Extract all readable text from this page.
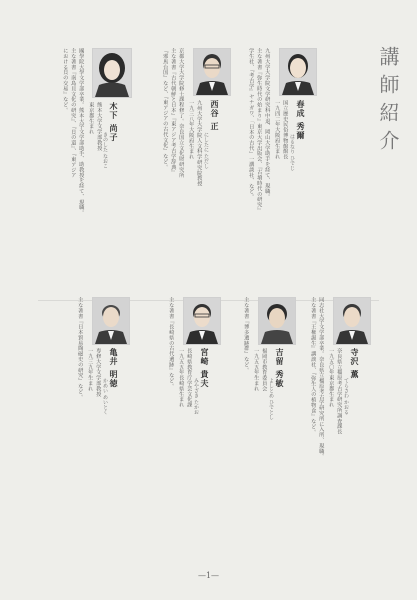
講師紹介
春成 秀爾
はるなり ひでじ
国立歴史民俗博物館館長
一九四二年大阪府生まれ
九州大学大学院文学研究科中退、岡山大学助手を経て、現職。
主な著書『弥生時代の始まり』東京大学出版会、『古墳時代の研究』
学生社、『考古学』ヤナガワ、「日本の古代」一講談社、など。
西谷 正
にしたに ただし
九州大学大学院人文科学研究院教授
一九三八年大阪府生まれ
京都大学大学院修士課程修了。奈良国立文化財研究所
主な著書『古代朝鮮と日本』『東アジア考古学辞典』
『邪馬台国』など、『東アジアの古代文化』など。
木下 尚子
きのした なおこ
熊本大学文学部教授
東京都生まれ
國學院大學文学部卒業。熊本大学文学部助手、助教授を経て、現職。
主な著書『南島貝文化の研究』、『貝の道』、『東アジア
における貝の交易』など。
寺沢 薫
てらさわ かおる
奈良県立橿原考古学研究所調査課長
一九五〇年東京都生まれ
同志社大学文学部卒業。奈良県立橿原考古学研究所に入所、現職。
主な著書『王権誕生』講談社、『弥生人の植物食』など。
吉留 秀敏
よしとめ ひでとし
福岡市教育委員会
一九五五年生まれ
主な著書『博多遺跡群』など。
宮崎 貴夫
みやざき たかお
長崎県教育庁学芸文化課
一九五五年長崎県生まれ
主な著書『長崎県の古代遺跡』など。
亀井 明徳
かめい めいとく
専修大学文学部教授
一九三九年生まれ
主な著書『日本貿易陶磁史の研究』など。
—1—
